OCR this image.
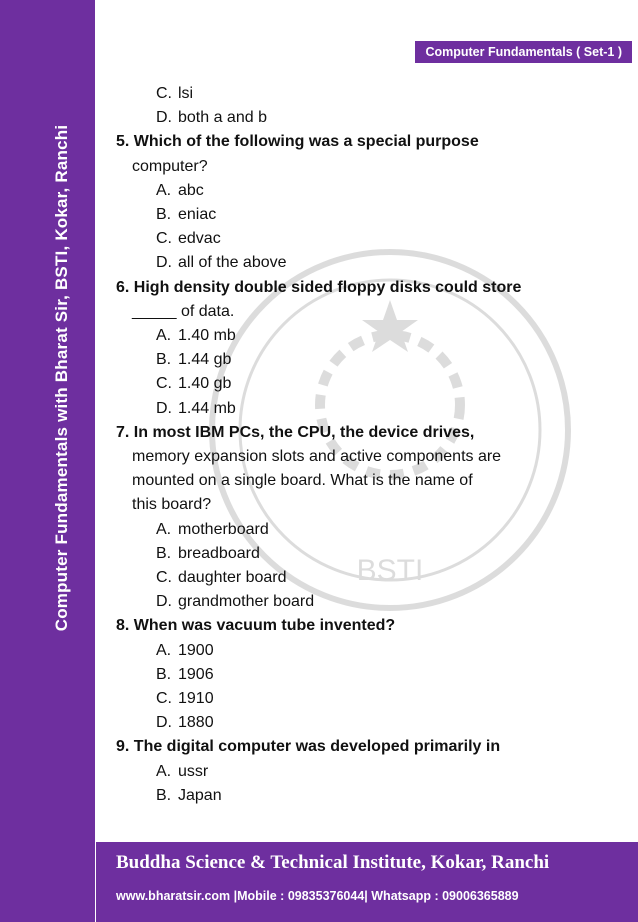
Computer Fundamentals with Bharat Sir, BSTI, Kokar, Ranchi
Computer Fundamentals ( Set-1 )
BSTI
C. lsi
D. both a and b
5. Which of the following was a special purpose
computer?
A. abc
B. eniac
C. edvac
D. all of the above
6. High density double sided floppy disks could store
_____ of data.
A. 1.40 mb
B. 1.44 gb
C. 1.40 gb
D. 1.44 mb
7. In most IBM PCs, the CPU, the device drives,
memory expansion slots and active components are
mounted on a single board. What is the name of
this board?
A. motherboard
B. breadboard
C. daughter board
D. grandmother board
8. When was vacuum tube invented?
A. 1900
B. 1906
C. 1910
D. 1880
9. The digital computer was developed primarily in
A. ussr
B. Japan
Buddha Science & Technical Institute, Kokar, Ranchi
www.bharatsir.com |Mobile : 09835376044| Whatsapp : 09006365889
